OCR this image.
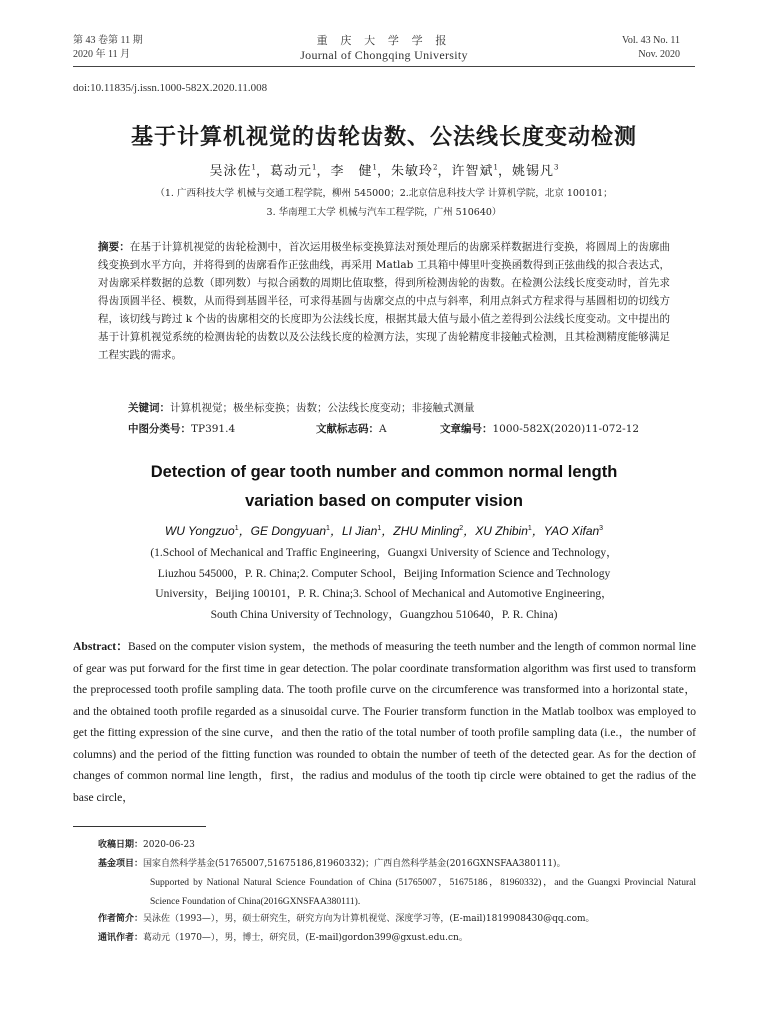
第 43 卷第 11 期
2020 年 11 月
重 庆 大 学 学 报
Journal of Chongqing University
Vol. 43 No. 11
Nov. 2020
doi:10.11835/j.issn.1000-582X.2020.11.008
基于计算机视觉的齿轮齿数、公法线长度变动检测
吴泳佐$^1$，葛动元$^1$，李　健$^1$，朱敏玲$^2$，许智斌$^1$，姚锡凡$^3$
（1. 广西科技大学 机械与交通工程学院，柳州 545000；2.北京信息科技大学 计算机学院，北京 100101；
3. 华南理工大学 机械与汽车工程学院，广州 510640）
摘要：在基于计算机视觉的齿轮检测中，首次运用极坐标变换算法对预处理后的齿廓采样数据进行变换，将圆周上的齿廓曲线变换到水平方向，并将得到的齿廓看作正弦曲线，再采用 Matlab 工具箱中傅里叶变换函数得到正弦曲线的拟合表达式，对齿廓采样数据的总数（即列数）与拟合函数的周期比值取整，得到所检测齿轮的齿数。在检测公法线长度变动时，首先求得齿顶圆半径、模数，从而得到基圆半径，可求得基圆与齿廓交点的中点与斜率，利用点斜式方程求得与基圆相切的切线方程，该切线与跨过 k 个齿的齿廓相交的长度即为公法线长度，根据其最大值与最小值之差得到公法线长度变动。文中提出的基于计算机视觉系统的检测齿轮的齿数以及公法线长度的检测方法，实现了齿轮精度非接触式检测，且其检测精度能够满足工程实践的需求。
关键词：计算机视觉；极坐标变换；齿数；公法线长度变动；非接触式测量
中图分类号：TP391.4	文献标志码：A	文章编号：1000-582X(2020)11-072-12
Detection of gear tooth number and common normal length
variation based on computer vision
WU Yongzuo$^1$，GE Dongyuan$^1$，LI Jian$^1$，ZHU Minling$^2$，XU Zhibin$^1$，YAO Xifan$^3$
(1.School of Mechanical and Traffic Engineering，Guangxi University of Science and Technology，
Liuzhou 545000，P. R. China;2. Computer School，Beijing Information Science and Technology
University，Beijing 100101，P. R. China;3. School of Mechanical and Automotive Engineering，
South China University of Technology，Guangzhou 510640，P. R. China)
Abstract：Based on the computer vision system，the methods of measuring the teeth number and the length of common normal line of gear was put forward for the first time in gear detection. The polar coordinate transformation algorithm was first used to transform the preprocessed tooth profile sampling data. The tooth profile curve on the circumference was transformed into a horizontal state，and the obtained tooth profile regarded as a sinusoidal curve. The Fourier transform function in the Matlab toolbox was employed to get the fitting expression of the sine curve，and then the ratio of the total number of tooth profile sampling data (i.e.，the number of columns) and the period of the fitting function was rounded to obtain the number of teeth of the detected gear. As for the dection of changes of common normal line length，first，the radius and modulus of the tooth tip circle were obtained to get the radius of the base circle，
收稿日期：2020-06-23
基金项目：国家自然科学基金(51765007,51675186,81960332)；广西自然科学基金(2016GXNSFAA380111)。
Supported by National Natural Science Foundation of China (51765007，51675186，81960332)，and the Guangxi Provincial Natural Science Foundation of China(2016GXNSFAA380111).
作者简介：吴泳佐（1993—），男，硕士研究生，研究方向为计算机视觉、深度学习等，(E-mail)1819908430@qq.com。
通讯作者：葛动元（1970—），男，博士，研究员，(E-mail)gordon399@gxust.edu.cn。
